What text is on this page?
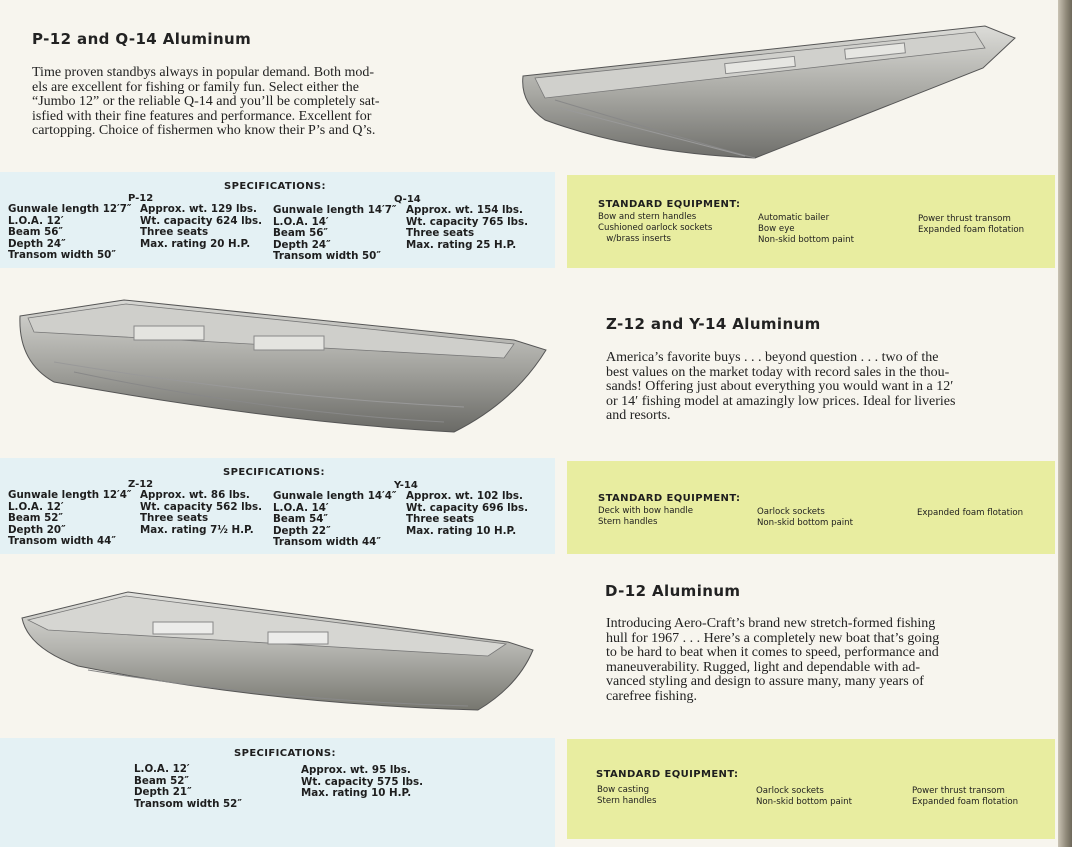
P-12 and Q-14 Aluminum
Time proven standbys always in popular demand. Both mod-
els are excellent for fishing or family fun. Select either the
“Jumbo 12” or the reliable Q-14 and you’ll be completely sat-
isfied with their fine features and performance. Excellent for
cartopping. Choice of fishermen who know their P’s and Q’s.
SPECIFICATIONS:
P-12	Q-14
Gunwale length 12′7″
L.O.A. 12′
Beam 56″
Depth 24″
Transom width 50″
Approx. wt. 129 lbs.
Wt. capacity 624 lbs.
Three seats
Max. rating 20 H.P.
Gunwale length 14′7″
L.O.A. 14′
Beam 56″
Depth 24″
Transom width 50″
Approx. wt. 154 lbs.
Wt. capacity 765 lbs.
Three seats
Max. rating 25 H.P.
STANDARD EQUIPMENT:
Bow and stern handles
Cushioned oarlock sockets
w/brass inserts
Automatic bailer
Bow eye
Non-skid bottom paint
Power thrust transom
Expanded foam flotation
Z-12 and Y-14 Aluminum
America’s favorite buys . . . beyond question . . . two of the
best values on the market today with record sales in the thou-
sands! Offering just about everything you would want in a 12′
or 14′ fishing model at amazingly low prices. Ideal for liveries
and resorts.
SPECIFICATIONS:
Z-12	Y-14
Gunwale length 12′4″
L.O.A. 12′
Beam 52″
Depth 20″
Transom width 44″
Approx. wt. 86 lbs.
Wt. capacity 562 lbs.
Three seats
Max. rating 7½ H.P.
Gunwale length 14′4″
L.O.A. 14′
Beam 54″
Depth 22″
Transom width 44″
Approx. wt. 102 lbs.
Wt. capacity 696 lbs.
Three seats
Max. rating 10 H.P.
STANDARD EQUIPMENT:
Deck with bow handle
Stern handles
Oarlock sockets
Non-skid bottom paint
Expanded foam flotation
D-12 Aluminum
Introducing Aero-Craft’s brand new stretch-formed fishing
hull for 1967 . . . Here’s a completely new boat that’s going
to be hard to beat when it comes to speed, performance and
maneuverability. Rugged, light and dependable with ad-
vanced styling and design to assure many, many years of
carefree fishing.
SPECIFICATIONS:
L.O.A. 12′
Beam 52″
Depth 21″
Transom width 52″
Approx. wt. 95 lbs.
Wt. capacity 575 lbs.
Max. rating 10 H.P.
STANDARD EQUIPMENT:
Bow casting
Stern handles
Oarlock sockets
Non-skid bottom paint
Power thrust transom
Expanded foam flotation
